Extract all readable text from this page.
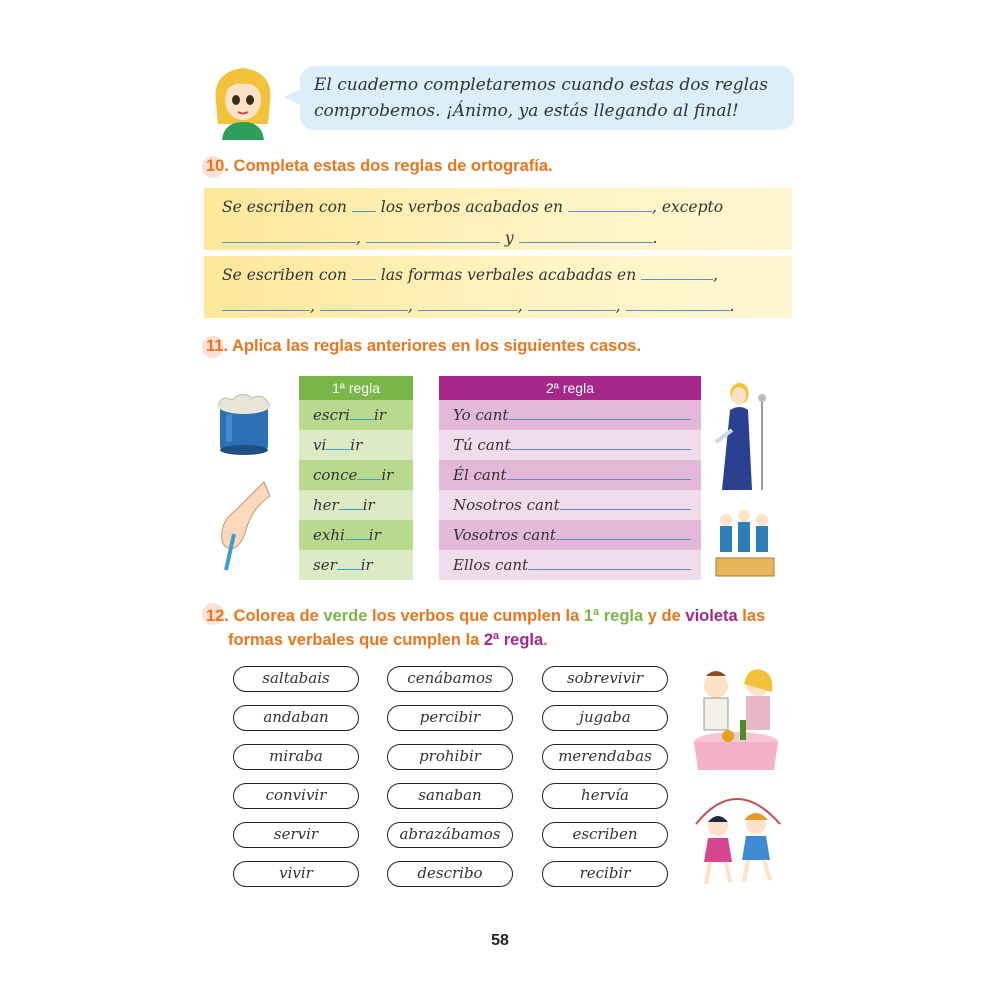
El cuaderno completaremos cuando estas dos reglas
comprobemos. ¡Ánimo, ya estás llegando al final!
10. Completa estas dos reglas de ortografía.
Se escriben con los verbos acabados en	, excepto
,	y	.
Se escriben con las formas verbales acabadas en	,
,	,	,	,	.
11. Aplica las reglas anteriores en los siguientes casos.
1ª regla
escri ir
vi ir
conce ir
her ir
exhi ir
ser ir
2ª regla
Yo cant
Tú cant
Él cant
Nosotros cant
Vosotros cant
Ellos cant
12. Colorea de verde los verbos que cumplen la 1ª regla y de violeta las
formas verbales que cumplen la 2ª regla.
saltabais	cenábamos	sobrevivir
andaban	percibir	jugaba
miraba	prohibir	merendabas
convivir	sanaban	hervía
servir	abrazábamos	escriben
vivir	describo	recibir
58
